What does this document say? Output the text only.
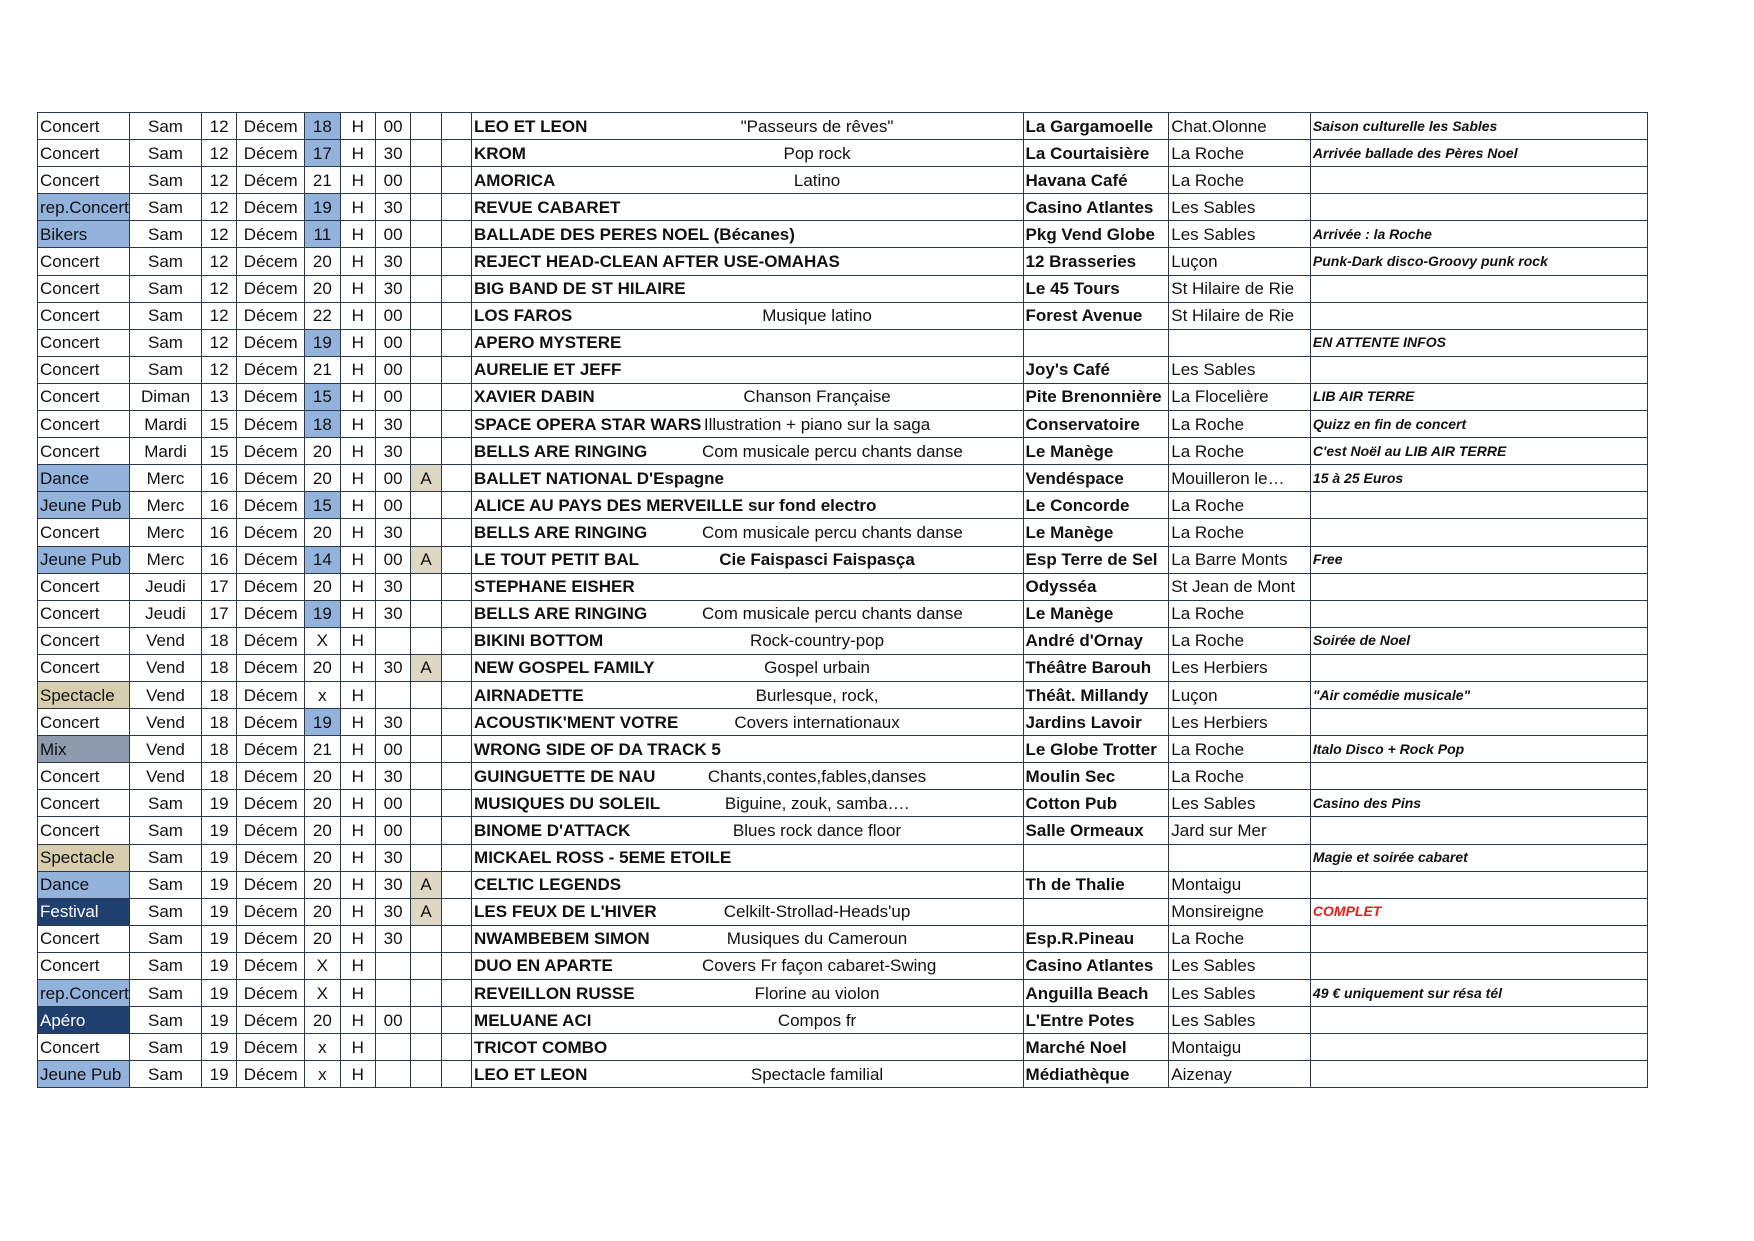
Concert	Sam	12	Décem	18	H	00			LEO ET LEON "Passeurs de rêves"	La Gargamoelle	Chat.Olonne	Saison culturelle les Sables
Concert	Sam	12	Décem	17	H	30			KROM Pop rock	La Courtaisière	La Roche	Arrivée ballade des Pères Noel
Concert	Sam	12	Décem	21	H	00			AMORICA Latino	Havana Café	La Roche	
rep.Concert	Sam	12	Décem	19	H	30			REVUE CABARET	Casino Atlantes	Les Sables	
Bikers	Sam	12	Décem	11	H	00			BALLADE DES PERES NOEL (Bécanes)	Pkg Vend Globe	Les Sables	Arrivée : la Roche
Concert	Sam	12	Décem	20	H	30			REJECT HEAD-CLEAN AFTER USE-OMAHAS	12 Brasseries	Luçon	Punk-Dark disco-Groovy punk rock
Concert	Sam	12	Décem	20	H	30			BIG BAND DE ST HILAIRE	Le 45 Tours	St Hilaire de Rie	
Concert	Sam	12	Décem	22	H	00			LOS FAROS Musique latino	Forest Avenue	St Hilaire de Rie	
Concert	Sam	12	Décem	19	H	00			APERO MYSTERE			EN ATTENTE INFOS
Concert	Sam	12	Décem	21	H	00			AURELIE ET JEFF	Joy's Café	Les Sables	
Concert	Diman	13	Décem	15	H	00			XAVIER DABIN Chanson Française	Pite Brenonnière	La Flocelière	LIB AIR TERRE
Concert	Mardi	15	Décem	18	H	30			SPACE OPERA STAR WARS Illustration + piano sur la saga	Conservatoire	La Roche	Quizz en fin de concert
Concert	Mardi	15	Décem	20	H	30			BELLS ARE RINGING Com musicale percu chants danse	Le Manège	La Roche	C'est Noël au LIB AIR TERRE
Dance	Merc	16	Décem	20	H	00	A		BALLET NATIONAL D'Espagne	Vendéspace	Mouilleron le…	15 à 25 Euros
Jeune Pub	Merc	16	Décem	15	H	00			ALICE AU PAYS DES MERVEILLE sur fond electro	Le Concorde	La Roche	
Concert	Merc	16	Décem	20	H	30			BELLS ARE RINGING Com musicale percu chants danse	Le Manège	La Roche	
Jeune Pub	Merc	16	Décem	14	H	00	A		LE TOUT PETIT BAL Cie Faispasci Faispasça	Esp Terre de Sel	La Barre Monts	Free
Concert	Jeudi	17	Décem	20	H	30			STEPHANE EISHER	Odysséa	St Jean de Mont	
Concert	Jeudi	17	Décem	19	H	30			BELLS ARE RINGING Com musicale percu chants danse	Le Manège	La Roche	
Concert	Vend	18	Décem	X	H				BIKINI BOTTOM Rock-country-pop	André d'Ornay	La Roche	Soirée de Noel
Concert	Vend	18	Décem	20	H	30	A		NEW GOSPEL FAMILY Gospel urbain	Théâtre Barouh	Les Herbiers	
Spectacle	Vend	18	Décem	x	H				AIRNADETTE Burlesque, rock,	Théât. Millandy	Luçon	"Air comédie musicale"
Concert	Vend	18	Décem	19	H	30			ACOUSTIK'MENT VOTRE Covers internationaux	Jardins Lavoir	Les Herbiers	
Mix	Vend	18	Décem	21	H	00			WRONG SIDE OF DA TRACK 5	Le Globe Trotter	La Roche	Italo Disco + Rock Pop
Concert	Vend	18	Décem	20	H	30			GUINGUETTE DE NAU Chants,contes,fables,danses	Moulin Sec	La Roche	
Concert	Sam	19	Décem	20	H	00			MUSIQUES DU SOLEIL Biguine, zouk, samba….	Cotton Pub	Les Sables	Casino des Pins
Concert	Sam	19	Décem	20	H	00			BINOME D'ATTACK Blues rock dance floor	Salle Ormeaux	Jard sur Mer	
Spectacle	Sam	19	Décem	20	H	30			MICKAEL ROSS - 5EME ETOILE			Magie et soirée cabaret
Dance	Sam	19	Décem	20	H	30	A		CELTIC LEGENDS	Th de Thalie	Montaigu	
Festival	Sam	19	Décem	20	H	30	A		LES FEUX DE L'HIVER Celkilt-Strollad-Heads'up		Monsireigne	COMPLET
Concert	Sam	19	Décem	20	H	30			NWAMBEBEM SIMON Musiques du Cameroun	Esp.R.Pineau	La Roche	
Concert	Sam	19	Décem	X	H				DUO EN APARTE Covers Fr façon cabaret-Swing	Casino Atlantes	Les Sables	
rep.Concert	Sam	19	Décem	X	H				REVEILLON RUSSE Florine au violon	Anguilla Beach	Les Sables	49 € uniquement sur résa tél
Apéro	Sam	19	Décem	20	H	00			MELUANE ACI Compos fr	L'Entre Potes	Les Sables	
Concert	Sam	19	Décem	x	H				TRICOT COMBO	Marché Noel	Montaigu	
Jeune Pub	Sam	19	Décem	x	H				LEO ET LEON Spectacle familial	Médiathèque	Aizenay	
